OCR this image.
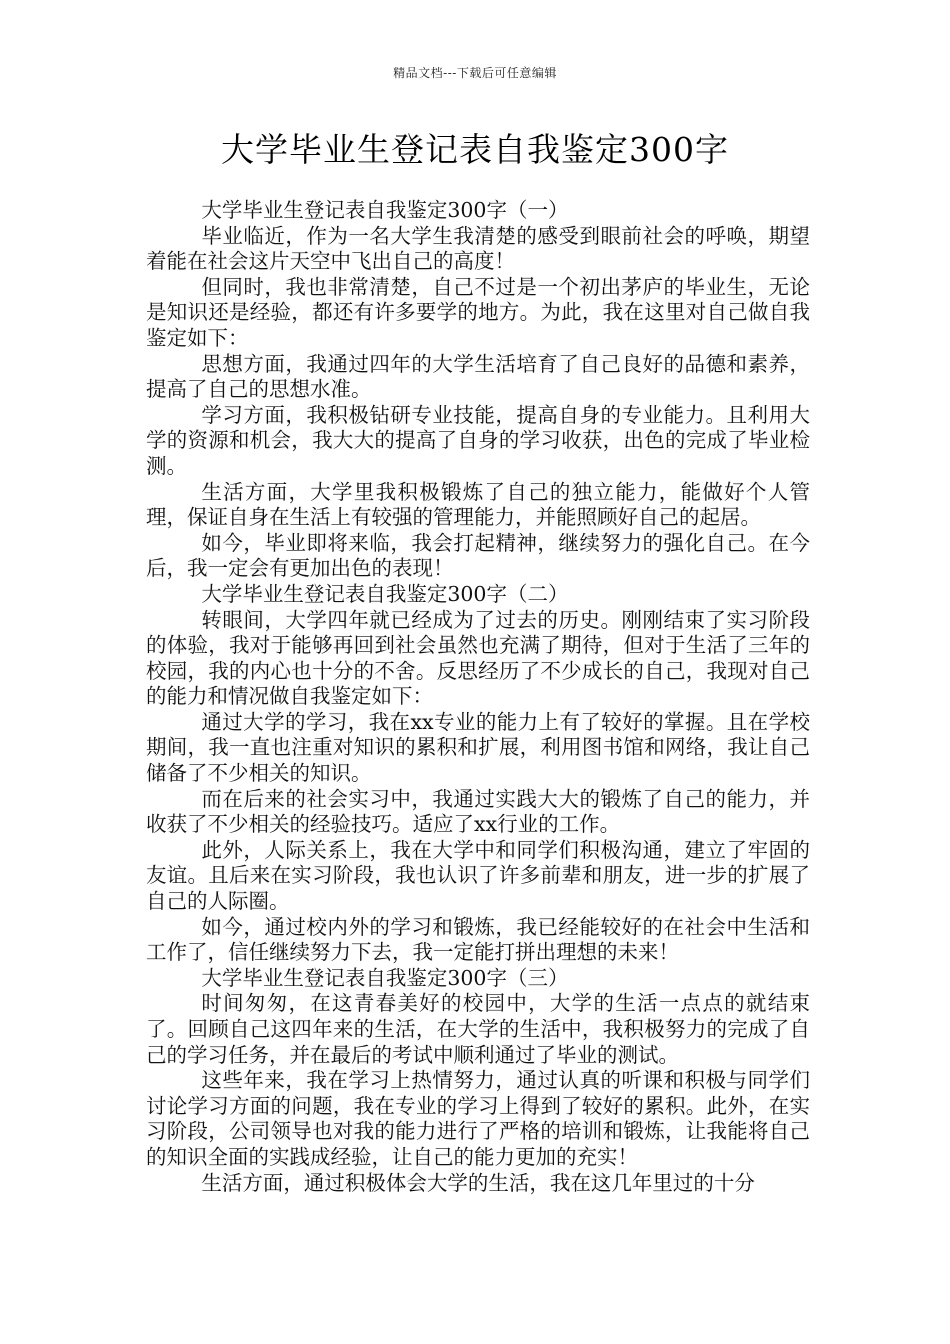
精品文档---下载后可任意编辑
大学毕业生登记表自我鉴定300字

大学毕业生登记表自我鉴定300字（一）

毕业临近，作为一名大学生我清楚的感受到眼前社会的呼唤，期望着能在社会这片天空中飞出自己的高度！

但同时，我也非常清楚，自己不过是一个初出茅庐的毕业生，无论是知识还是经验，都还有许多要学的地方。为此，我在这里对自己做自我鉴定如下：

思想方面，我通过四年的大学生活培育了自己良好的品德和素养，提高了自己的思想水准。

学习方面，我积极钻研专业技能，提高自身的专业能力。且利用大学的资源和机会，我大大的提高了自身的学习收获，出色的完成了毕业检测。

生活方面，大学里我积极锻炼了自己的独立能力，能做好个人管理，保证自身在生活上有较强的管理能力，并能照顾好自己的起居。

如今，毕业即将来临，我会打起精神，继续努力的强化自己。在今后，我一定会有更加出色的表现！

大学毕业生登记表自我鉴定300字（二）

转眼间，大学四年就已经成为了过去的历史。刚刚结束了实习阶段的体验，我对于能够再回到社会虽然也充满了期待，但对于生活了三年的校园，我的内心也十分的不舍。反思经历了不少成长的自己，我现对自己的能力和情况做自我鉴定如下：

通过大学的学习，我在xx专业的能力上有了较好的掌握。且在学校期间，我一直也注重对知识的累积和扩展，利用图书馆和网络，我让自己储备了不少相关的知识。

而在后来的社会实习中，我通过实践大大的锻炼了自己的能力，并收获了不少相关的经验技巧。适应了xx行业的工作。

此外，人际关系上，我在大学中和同学们积极沟通，建立了牢固的友谊。且后来在实习阶段，我也认识了许多前辈和朋友，进一步的扩展了自己的人际圈。

如今，通过校内外的学习和锻炼，我已经能较好的在社会中生活和工作了，信任继续努力下去，我一定能打拼出理想的未来！

大学毕业生登记表自我鉴定300字（三）

时间匆匆，在这青春美好的校园中，大学的生活一点点的就结束了。回顾自己这四年来的生活，在大学的生活中，我积极努力的完成了自己的学习任务，并在最后的考试中顺利通过了毕业的测试。

这些年来，我在学习上热情努力，通过认真的听课和积极与同学们讨论学习方面的问题，我在专业的学习上得到了较好的累积。此外，在实习阶段，公司领导也对我的能力进行了严格的培训和锻炼，让我能将自己的知识全面的实践成经验，让自己的能力更加的充实！

生活方面，通过积极体会大学的生活，我在这几年里过的十分
